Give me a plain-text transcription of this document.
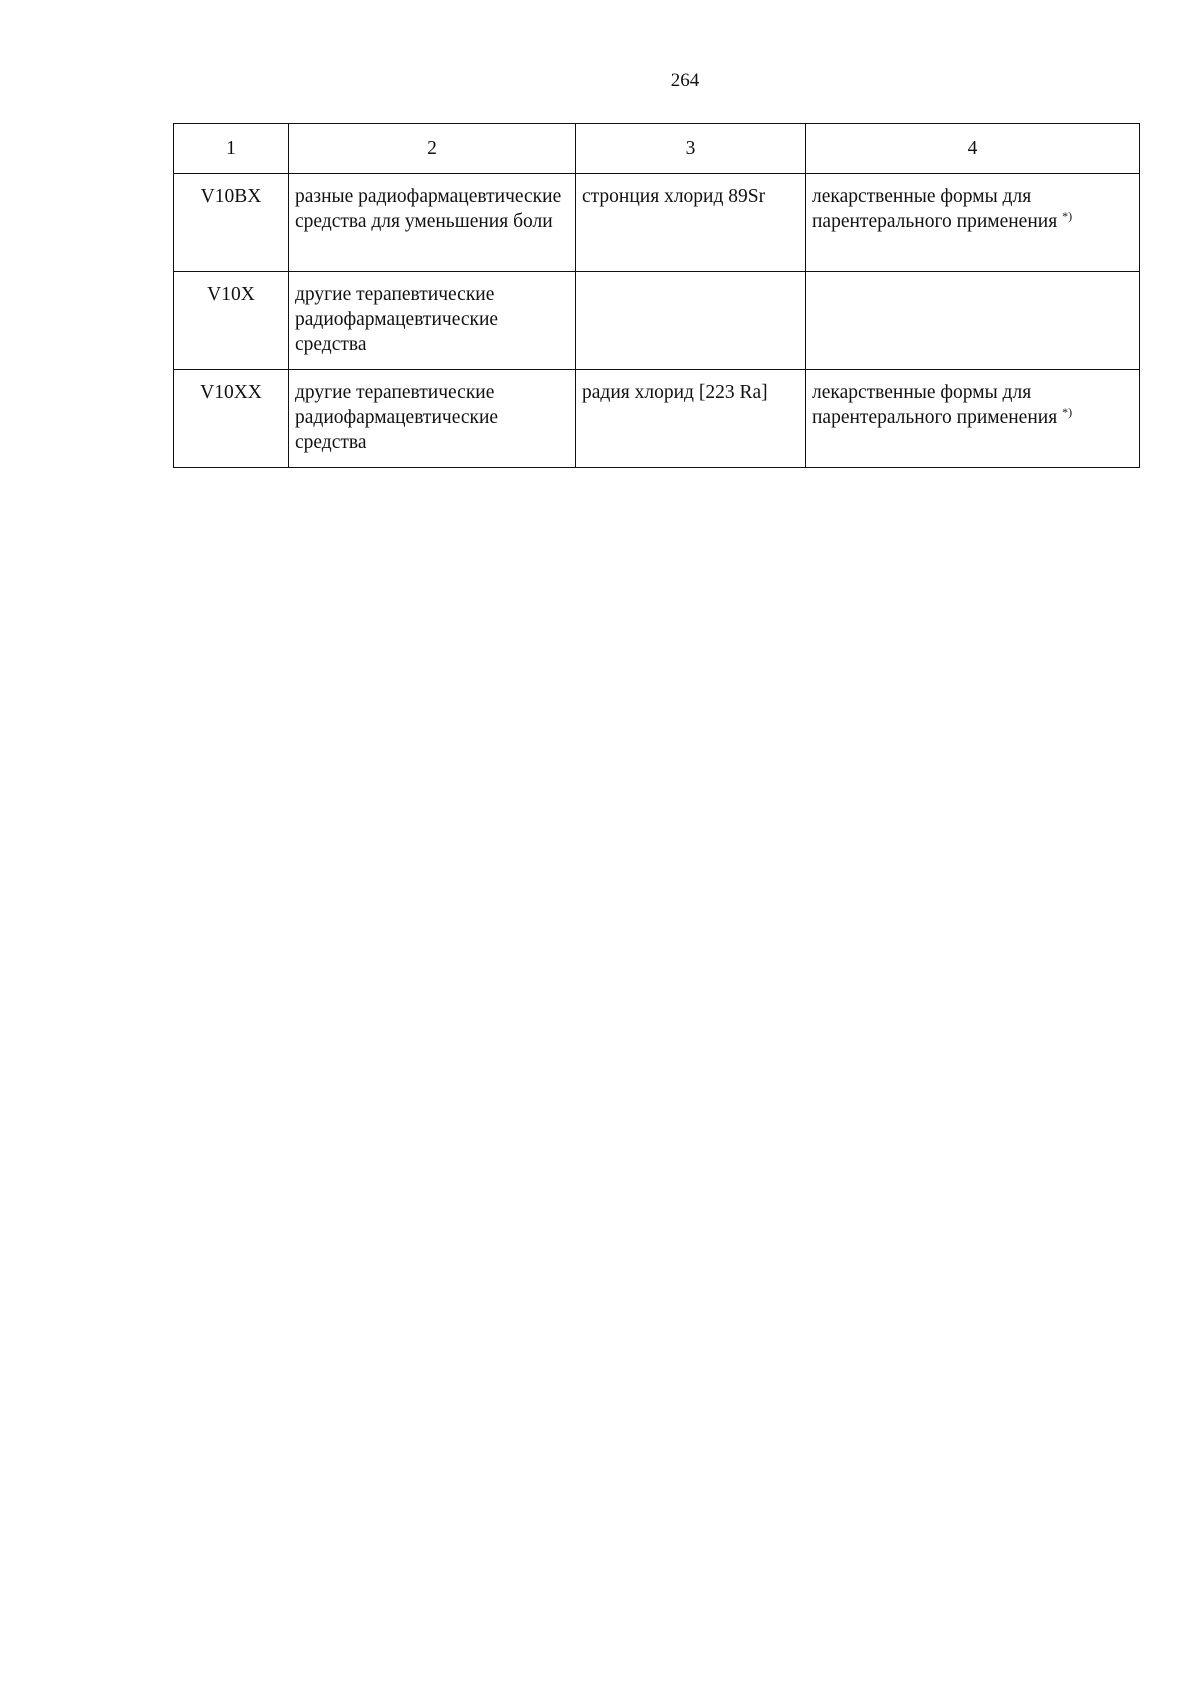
264
1	2	3	4
V10BX	разные радиофармацевтические средства для уменьшения боли	стронция хлорид 89Sr	лекарственные формы для парентерального применения *)
V10X	другие терапевтические радиофармацевтические средства		
V10XX	другие терапевтические радиофармацевтические средства	радия хлорид [223 Ra]	лекарственные формы для парентерального применения *)
